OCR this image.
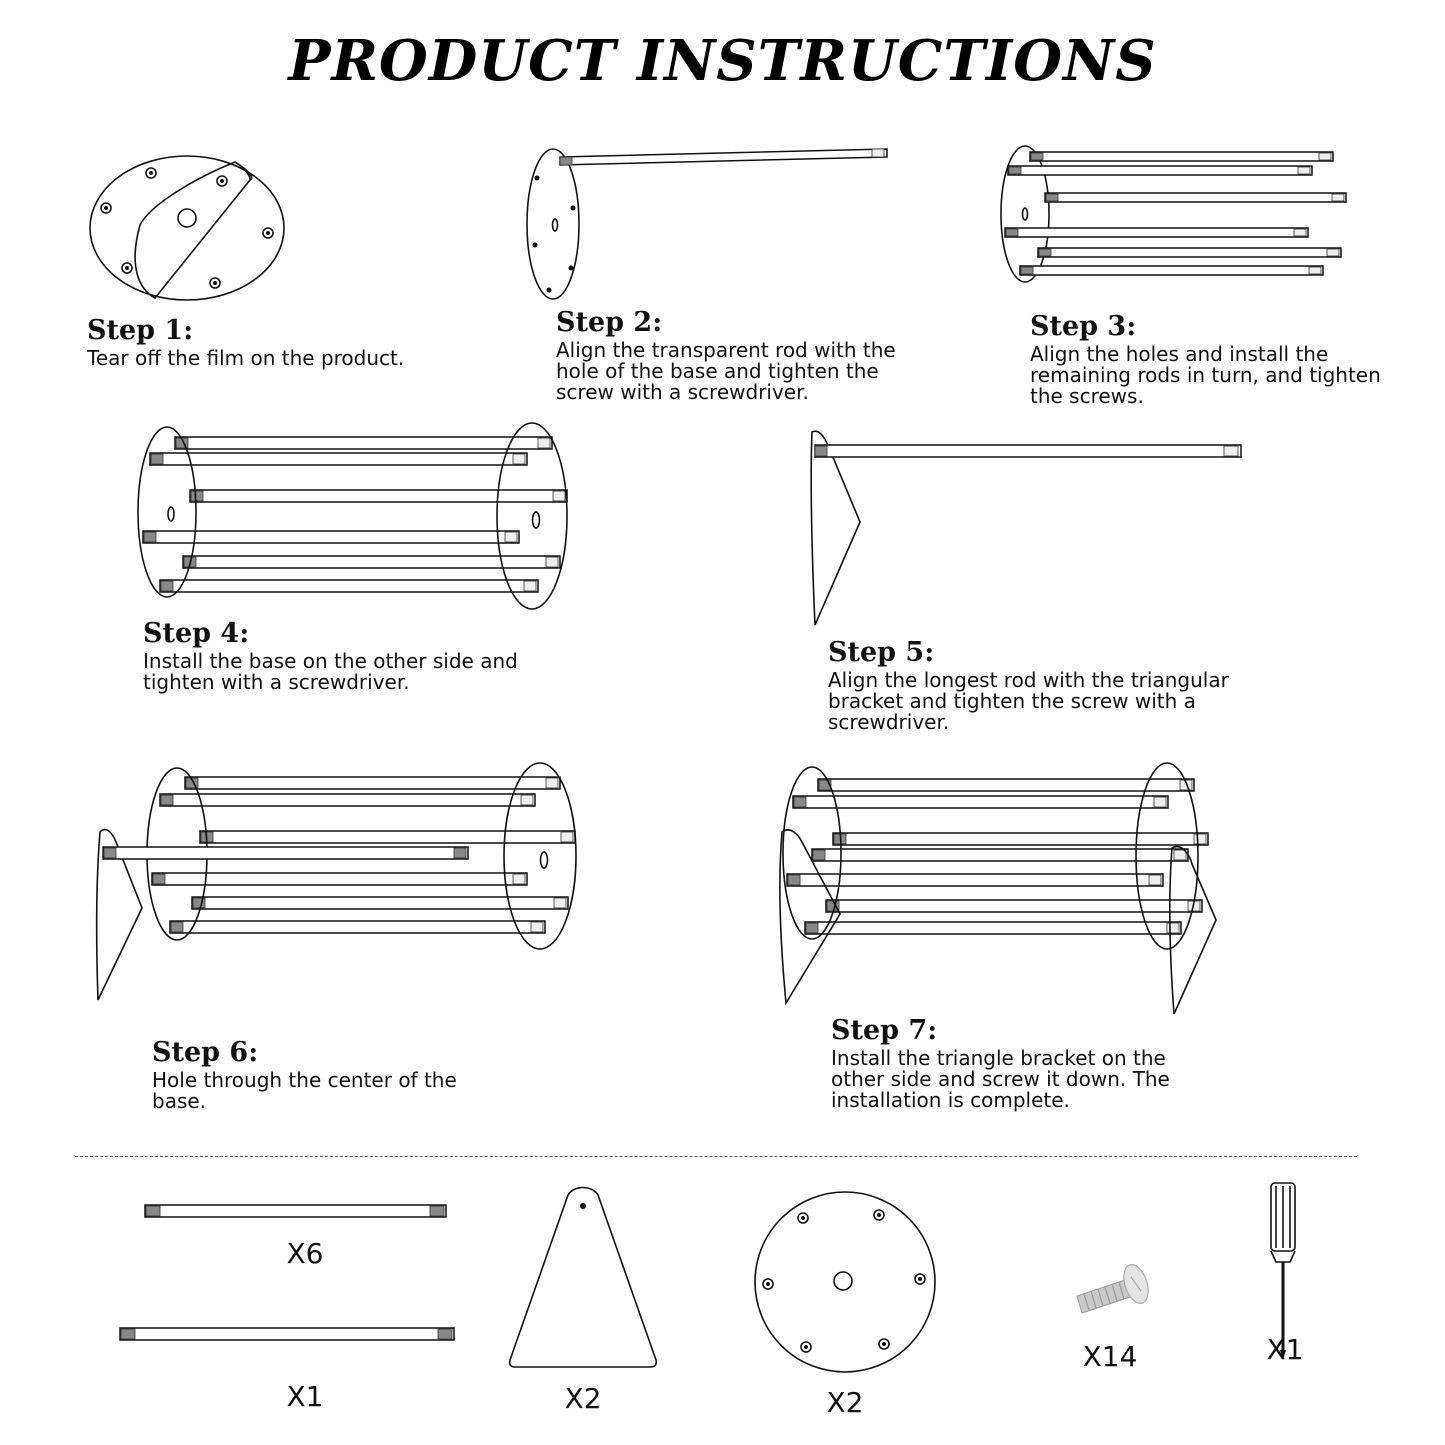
PRODUCT INSTRUCTIONS
Step 1:

Tear off the film on the product.

Step 2:

Align the transparent rod with the
hole of the base and tighten the
screw with a screwdriver.

Step 3:

Align the holes and install the
remaining rods in turn, and tighten
the screws.

Step 4:

Install the base on the other side and
tighten with a screwdriver.

Step 5:

Align the longest rod with the triangular
bracket and tighten the screw with a
screwdriver.

Step 6:

Hole through the center of the
base.

Step 7:

Install the triangle bracket on the
other side and screw it down. The
installation is complete.

X6
X1	X2	X2
X14	X1
